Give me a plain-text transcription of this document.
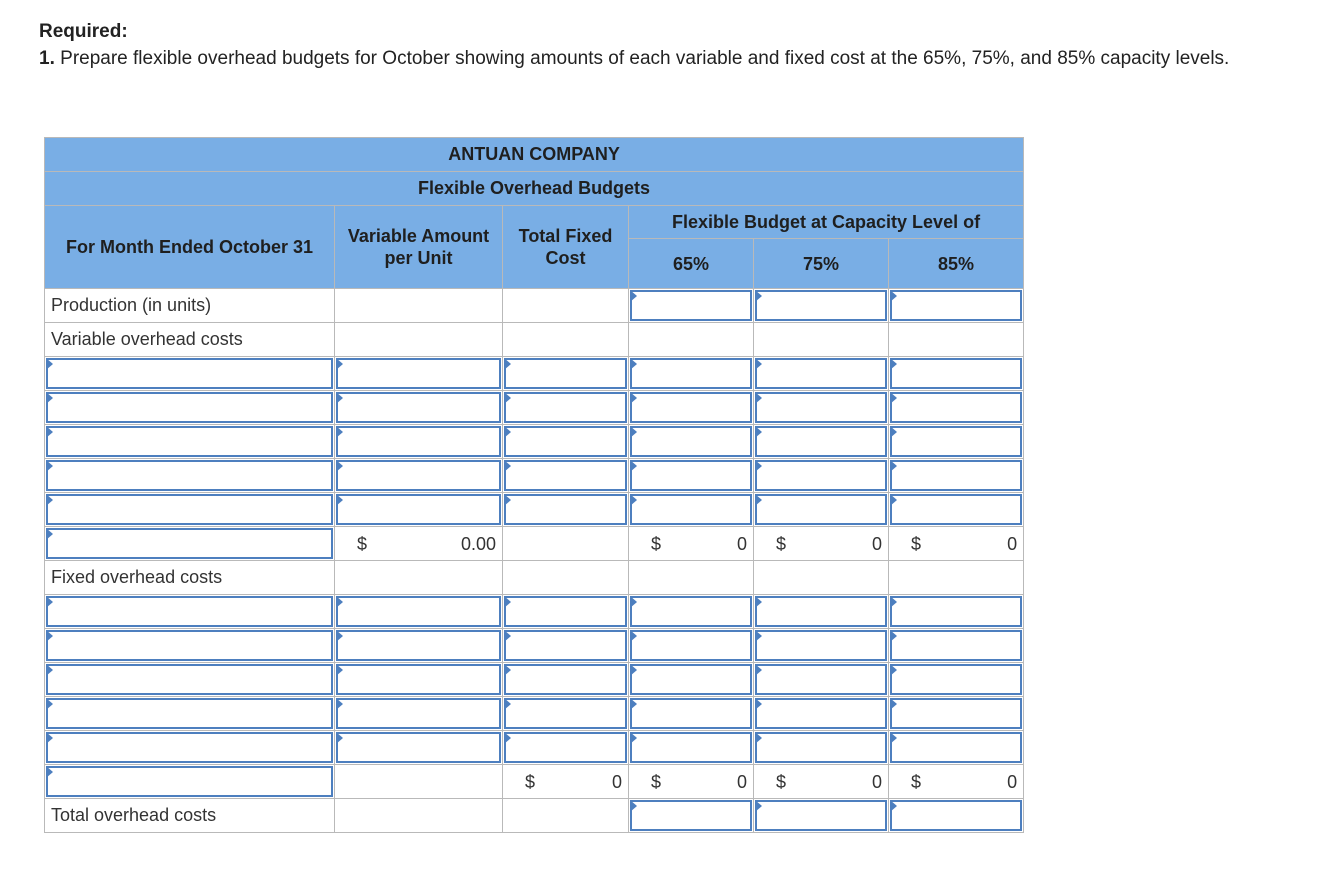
Required:
1. Prepare flexible overhead budgets for October showing amounts of each variable and fixed cost at the 65%, 75%, and 85% capacity levels.
ANTUAN COMPANY					
Flexible Overhead Budgets					
For Month Ended October 31	Variable Amount per Unit	Total Fixed Cost	Flexible Budget at Capacity Level of		
			65%	75%	85%
Production (in units)			

Variable overhead costs					

	$ 0.00		$ 0	$ 0	$ 0

Fixed overhead costs					

		$ 0	$ 0	$ 0	$ 0

Total overhead costs			
